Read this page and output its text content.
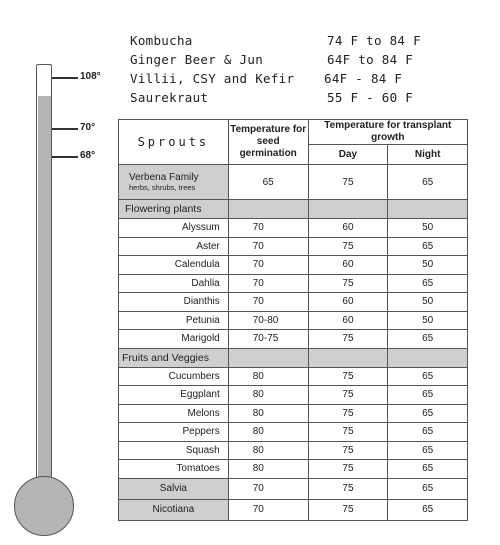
108°
70°
68°
Kombucha	74 F to 84 F
Ginger Beer & Jun	64F to 84 F
Villii, CSY and Kefir 64F - 84 F
Saurekraut	55 F - 60 F
Sprouts	Temperature for seed germination	Temperature for transplant growth	
		Day	Night
Verbena Family
herbs, shrubs, trees	65	75	65
Flowering plants			
Alyssum	70	60	50
Aster	70	75	65
Calendula	70	60	50
Dahlia	70	75	65
Dianthis	70	60	50
Petunia	70-80	60	50
Marigold	70-75	75	65
Fruits and Veggies			
Cucumbers	80	75	65
Eggplant	80	75	65
Melons	80	75	65
Peppers	80	75	65
Squash	80	75	65
Tomatoes	80	75	65
Salvia	70	75	65
Nicotiana	70	75	65
